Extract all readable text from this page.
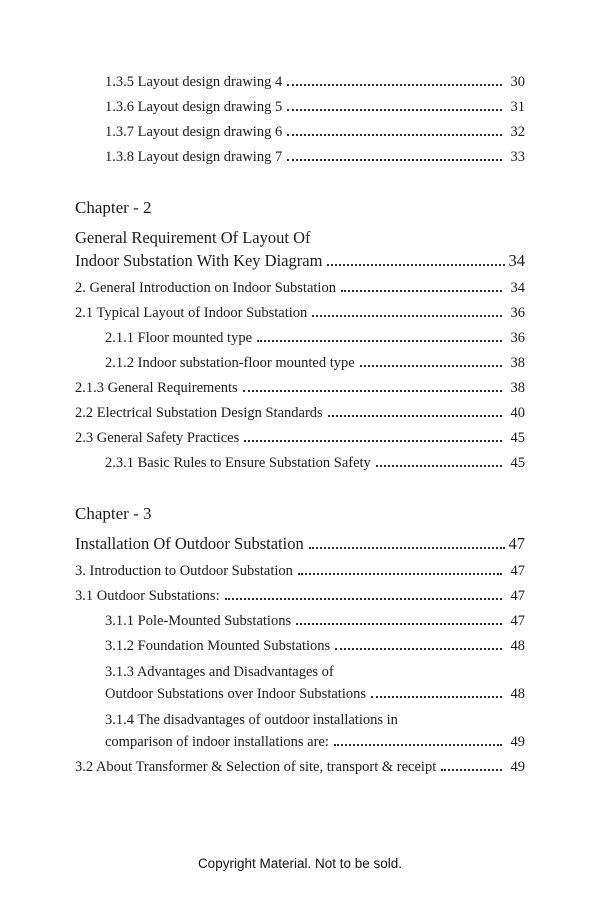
1.3.5 Layout design drawing 4	30
1.3.6 Layout design drawing 5	31
1.3.7 Layout design drawing 6	32
1.3.8 Layout design drawing 7	33
Chapter - 2
General Requirement Of Layout Of
Indoor Substation With Key Diagram	34
2. General Introduction on Indoor Substation	34
2.1 Typical Layout of Indoor Substation	36
2.1.1 Floor mounted type	36
2.1.2 Indoor substation-floor mounted type	38
2.1.3 General Requirements	38
2.2 Electrical Substation Design Standards	40
2.3 General Safety Practices	45
2.3.1 Basic Rules to Ensure Substation Safety	45
Chapter - 3
Installation Of Outdoor Substation	47
3. Introduction to Outdoor Substation	47
3.1 Outdoor Substations:	47
3.1.1 Pole-Mounted Substations	47
3.1.2 Foundation Mounted Substations	48
3.1.3 Advantages and Disadvantages of
Outdoor Substations over Indoor Substations	48
3.1.4 The disadvantages of outdoor installations in
comparison of indoor installations are:	49
3.2 About Transformer & Selection of site, transport & receipt	49
Copyright Material. Not to be sold.
